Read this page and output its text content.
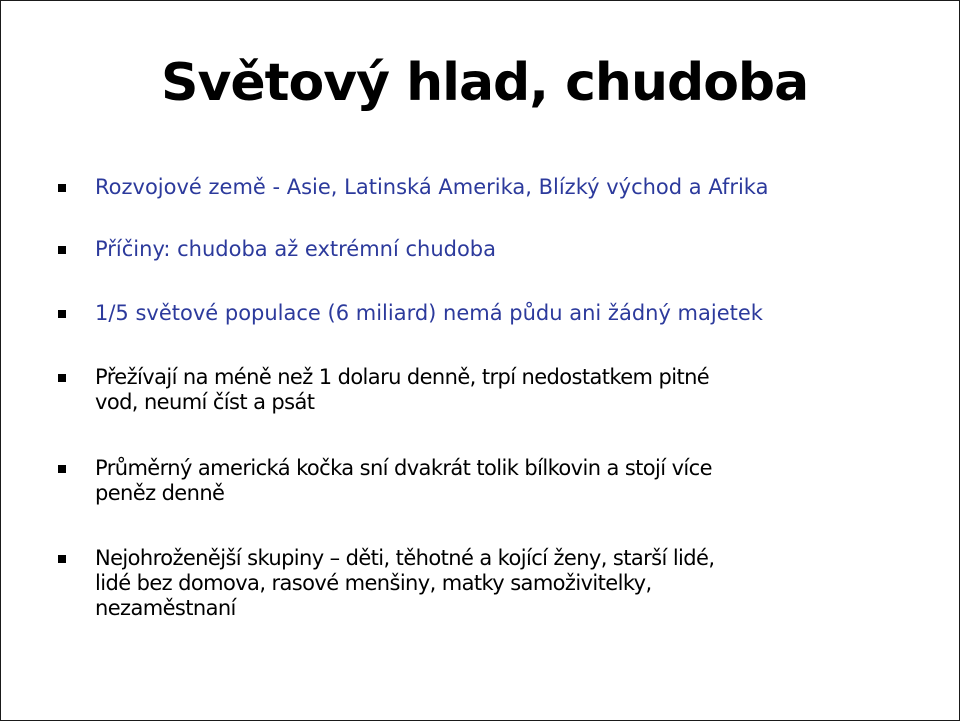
Světový hlad, chudoba
Rozvojové země - Asie, Latinská Amerika, Blízký východ a Afrika
Příčiny: chudoba až extrémní chudoba
1/5 světové populace (6 miliard) nemá půdu ani žádný majetek
Přežívají na méně než 1 dolaru denně, trpí nedostatkem pitné
vod, neumí číst a psát
Průměrný americká kočka sní dvakrát tolik bílkovin a stojí více
peněz denně
Nejohroženější skupiny – děti, těhotné a kojící ženy, starší lidé,
lidé bez domova, rasové menšiny, matky samoživitelky,
nezaměstnaní
